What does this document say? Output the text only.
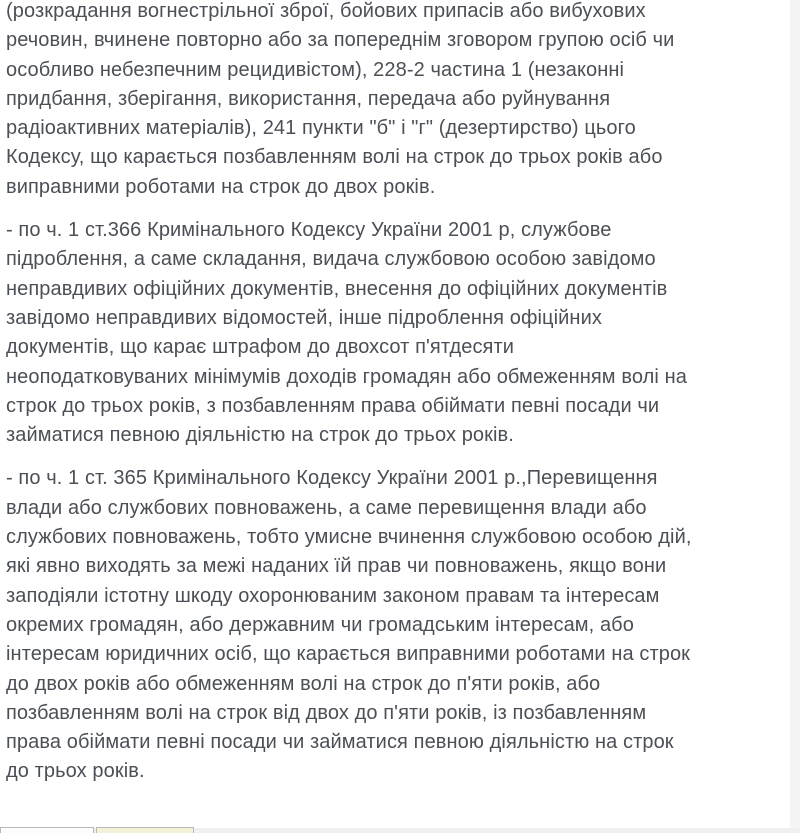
(розкрадання вогнестрільної зброї, бойових припасів або вибухових
речовин, вчинене повторно або за попереднім зговором групою осіб чи
особливо небезпечним рецидивістом), 228-2 частина 1 (незаконні
придбання, зберігання, використання, передача або руйнування
радіоактивних матеріалів), 241 пункти "б" і "г" (дезертирство) цього
Кодексу, що карається позбавленням волі на строк до трьох років або
виправними роботами на строк до двох років.

- по ч. 1 ст.366 Кримінального Кодексу України 2001 р, службове
підроблення, а саме складання, видача службовою особою завідомо
неправдивих офіційних документів, внесення до офіційних документів
завідомо неправдивих відомостей, інше підроблення офіційних
документів, що карає штрафом до двохсот п'ятдесяти
неоподатковуваних мінімумів доходів громадян або обмеженням волі на
строк до трьох років, з позбавленням права обіймати певні посади чи
займатися певною діяльністю на строк до трьох років.

- по ч. 1 ст. 365 Кримінального Кодексу України 2001 р.,Перевищення
влади або службових повноважень, а саме перевищення влади або
службових повноважень, тобто умисне вчинення службовою особою дій,
які явно виходять за межі наданих їй прав чи повноважень, якщо вони
заподіяли істотну шкоду охоронюваним законом правам та інтересам
окремих громадян, або державним чи громадським інтересам, або
інтересам юридичних осіб, що карається виправними роботами на строк
до двох років або обмеженням волі на строк до п'яти років, або
позбавленням волі на строк від двох до п'яти років, із позбавленням
права обіймати певні посади чи займатися певною діяльністю на строк
до трьох років.
